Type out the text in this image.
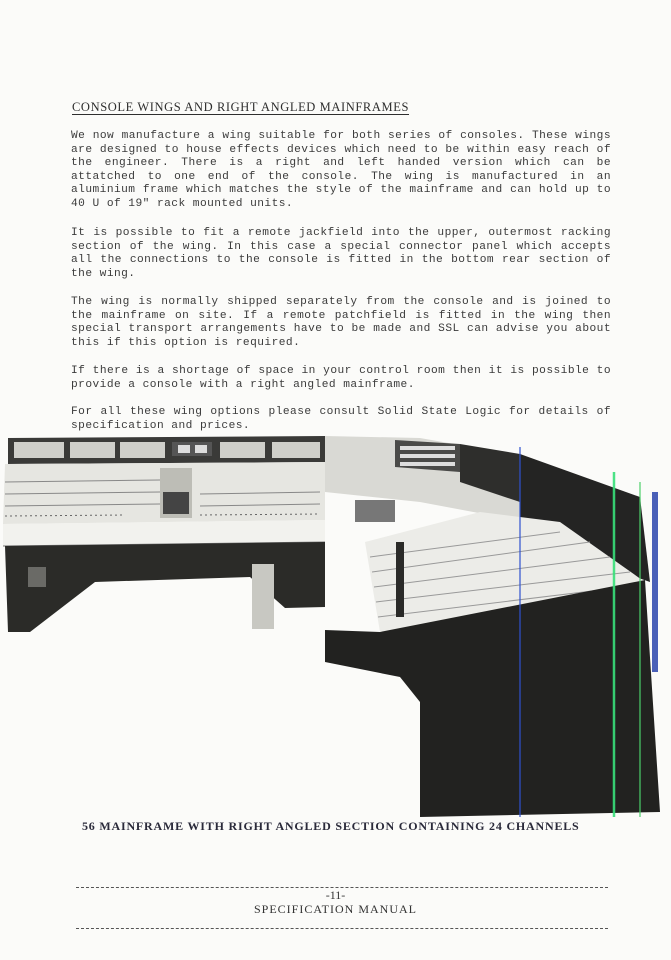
CONSOLE WINGS AND RIGHT ANGLED MAINFRAMES

We now manufacture a wing suitable for both series of consoles. These wings are designed to house effects devices which need to be within easy reach of the engineer. There is a right and left handed version which can be attatched to one end of the console. The wing is manufactured in an aluminium frame which matches the style of the mainframe and can hold up to 40 U of 19" rack mounted units.

It is possible to fit a remote jackfield into the upper, outermost racking section of the wing. In this case a special connector panel which accepts all the connections to the console is fitted in the bottom rear section of the wing.

The wing is normally shipped separately from the console and is joined to the mainframe on site. If a remote patchfield is fitted in the wing then special transport arrangements have to be made and SSL can advise you about this if this option is required.

If there is a shortage of space in your control room then it is possible to provide a console with a right angled mainframe.

For all these wing options please consult Solid State Logic for details of specification and prices.

56 MAINFRAME WITH RIGHT ANGLED SECTION CONTAINING 24 CHANNELS
-11-
SPECIFICATION MANUAL
